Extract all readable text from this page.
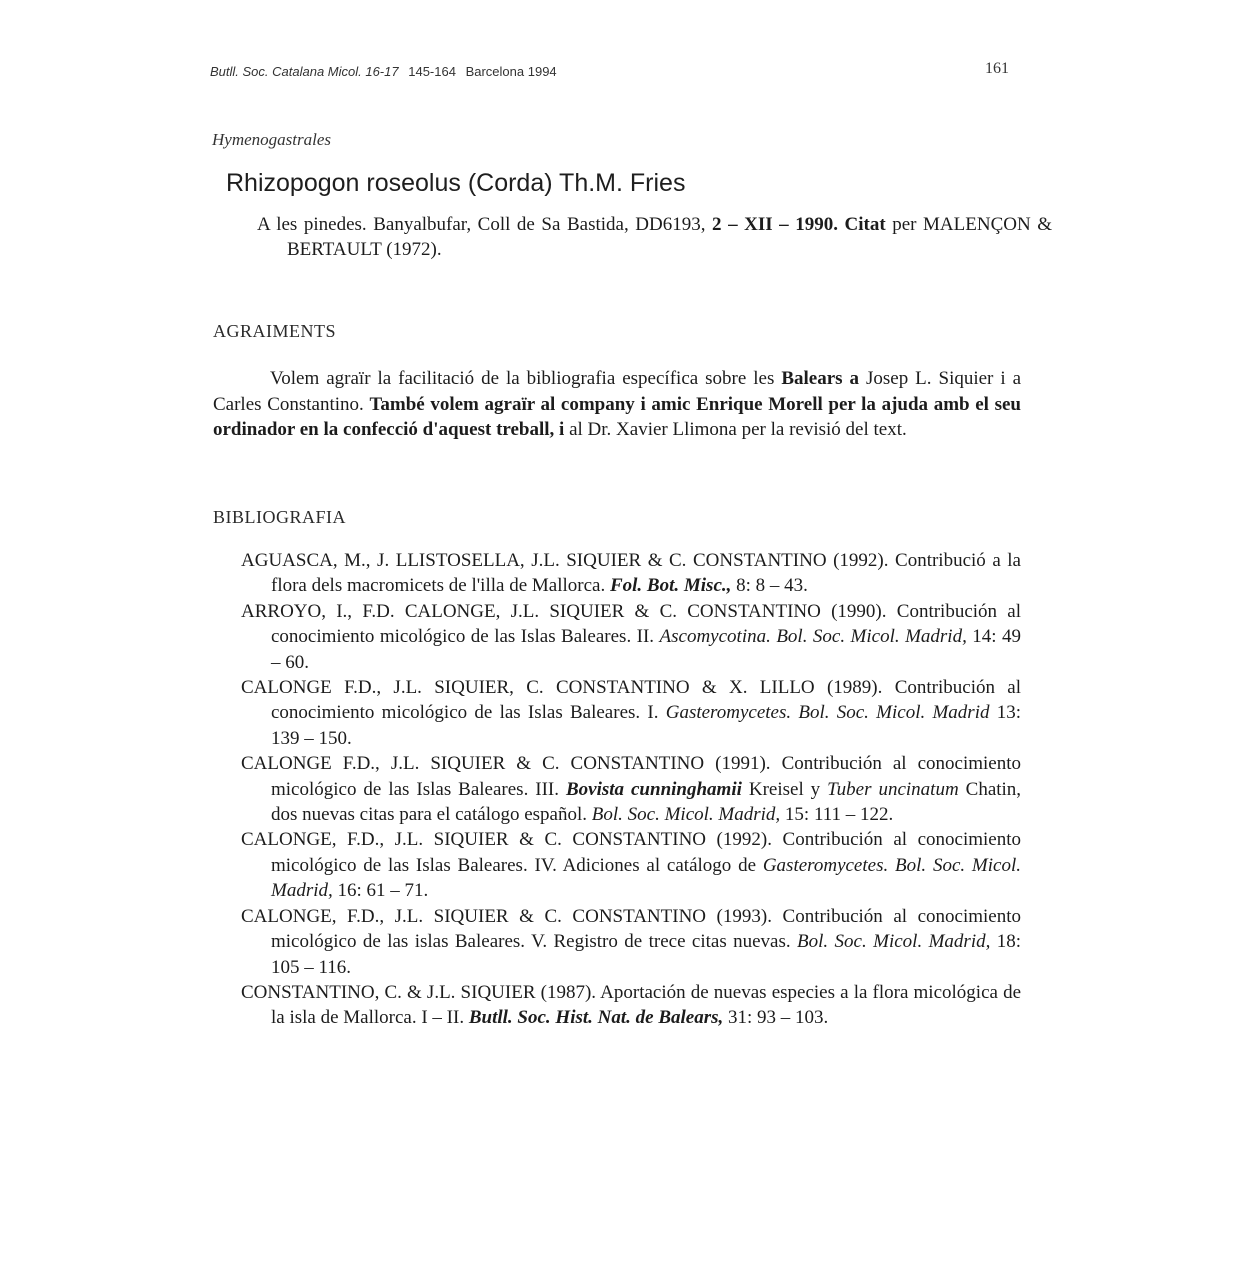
Butll. Soc. Catalana Micol. 16-17 145-164 Barcelona 1994	161
Hymenogastrales
Rhizopogon roseolus (Corda) Th.M. Fries
A les pinedes. Banyalbufar, Coll de Sa Bastida, DD6193, 2 – XII – 1990. Citat per MALENÇON & BERTAULT (1972).
AGRAIMENTS
Volem agraïr la facilitació de la bibliografia específica sobre les Balears a Josep L. Siquier i a Carles Constantino. També volem agraïr al company i amic Enrique Morell per la ajuda amb el seu ordinador en la confecció d'aquest treball, i al Dr. Xavier Llimona per la revisió del text.
BIBLIOGRAFIA
AGUASCA, M., J. LLISTOSELLA, J.L. SIQUIER & C. CONSTANTINO (1992). Contribució a la flora dels macromicets de l'illa de Mallorca. Fol. Bot. Misc., 8: 8 – 43.
ARROYO, I., F.D. CALONGE, J.L. SIQUIER & C. CONSTANTINO (1990). Contribución al conocimiento micológico de las Islas Baleares. II. Ascomycotina. Bol. Soc. Micol. Madrid, 14: 49 – 60.
CALONGE F.D., J.L. SIQUIER, C. CONSTANTINO & X. LILLO (1989). Contribución al conocimiento micológico de las Islas Baleares. I. Gasteromycetes. Bol. Soc. Micol. Madrid 13: 139 – 150.
CALONGE F.D., J.L. SIQUIER & C. CONSTANTINO (1991). Contribución al conocimiento micológico de las Islas Baleares. III. Bovista cunninghamii Kreisel y Tuber uncinatum Chatin, dos nuevas citas para el catálogo español. Bol. Soc. Micol. Madrid, 15: 111 – 122.
CALONGE, F.D., J.L. SIQUIER & C. CONSTANTINO (1992). Contribución al conocimiento micológico de las Islas Baleares. IV. Adiciones al catálogo de Gasteromycetes. Bol. Soc. Micol. Madrid, 16: 61 – 71.
CALONGE, F.D., J.L. SIQUIER & C. CONSTANTINO (1993). Contribución al conocimiento micológico de las islas Baleares. V. Registro de trece citas nuevas. Bol. Soc. Micol. Madrid, 18: 105 – 116.
CONSTANTINO, C. & J.L. SIQUIER (1987). Aportación de nuevas especies a la flora micológica de la isla de Mallorca. I – II. Butll. Soc. Hist. Nat. de Balears, 31: 93 – 103.
